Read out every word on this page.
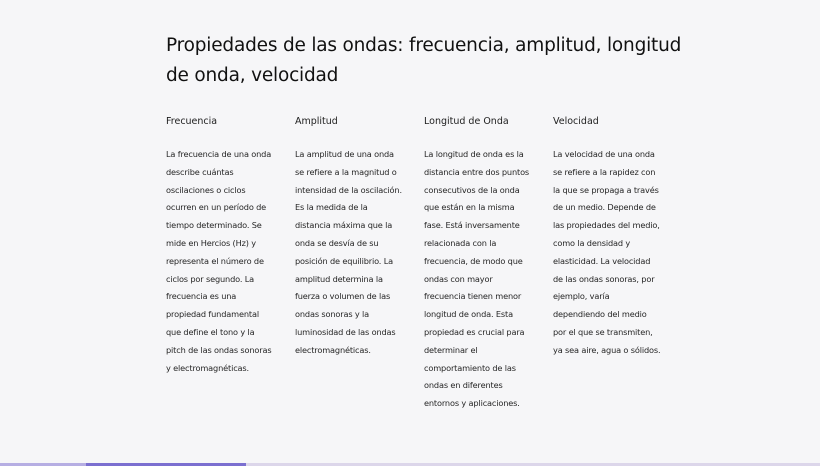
Propiedades de las ondas: frecuencia, amplitud, longitud de onda, velocidad
Frecuencia

La frecuencia de una onda describe cuántas oscilaciones o ciclos ocurren en un período de tiempo determinado. Se mide en Hercios (Hz) y representa el número de ciclos por segundo. La frecuencia es una propiedad fundamental que define el tono y la pitch de las ondas sonoras y electromagnéticas.

Amplitud

La amplitud de una onda se refiere a la magnitud o intensidad de la oscilación. Es la medida de la distancia máxima que la onda se desvía de su posición de equilibrio. La amplitud determina la fuerza o volumen de las ondas sonoras y la luminosidad de las ondas electromagnéticas.

Longitud de Onda

La longitud de onda es la distancia entre dos puntos consecutivos de la onda que están en la misma fase. Está inversamente relacionada con la frecuencia, de modo que ondas con mayor frecuencia tienen menor longitud de onda. Esta propiedad es crucial para determinar el comportamiento de las ondas en diferentes entornos y aplicaciones.

Velocidad

La velocidad de una onda se refiere a la rapidez con la que se propaga a través de un medio. Depende de las propiedades del medio, como la densidad y elasticidad. La velocidad de las ondas sonoras, por ejemplo, varía dependiendo del medio por el que se transmiten, ya sea aire, agua o sólidos.
